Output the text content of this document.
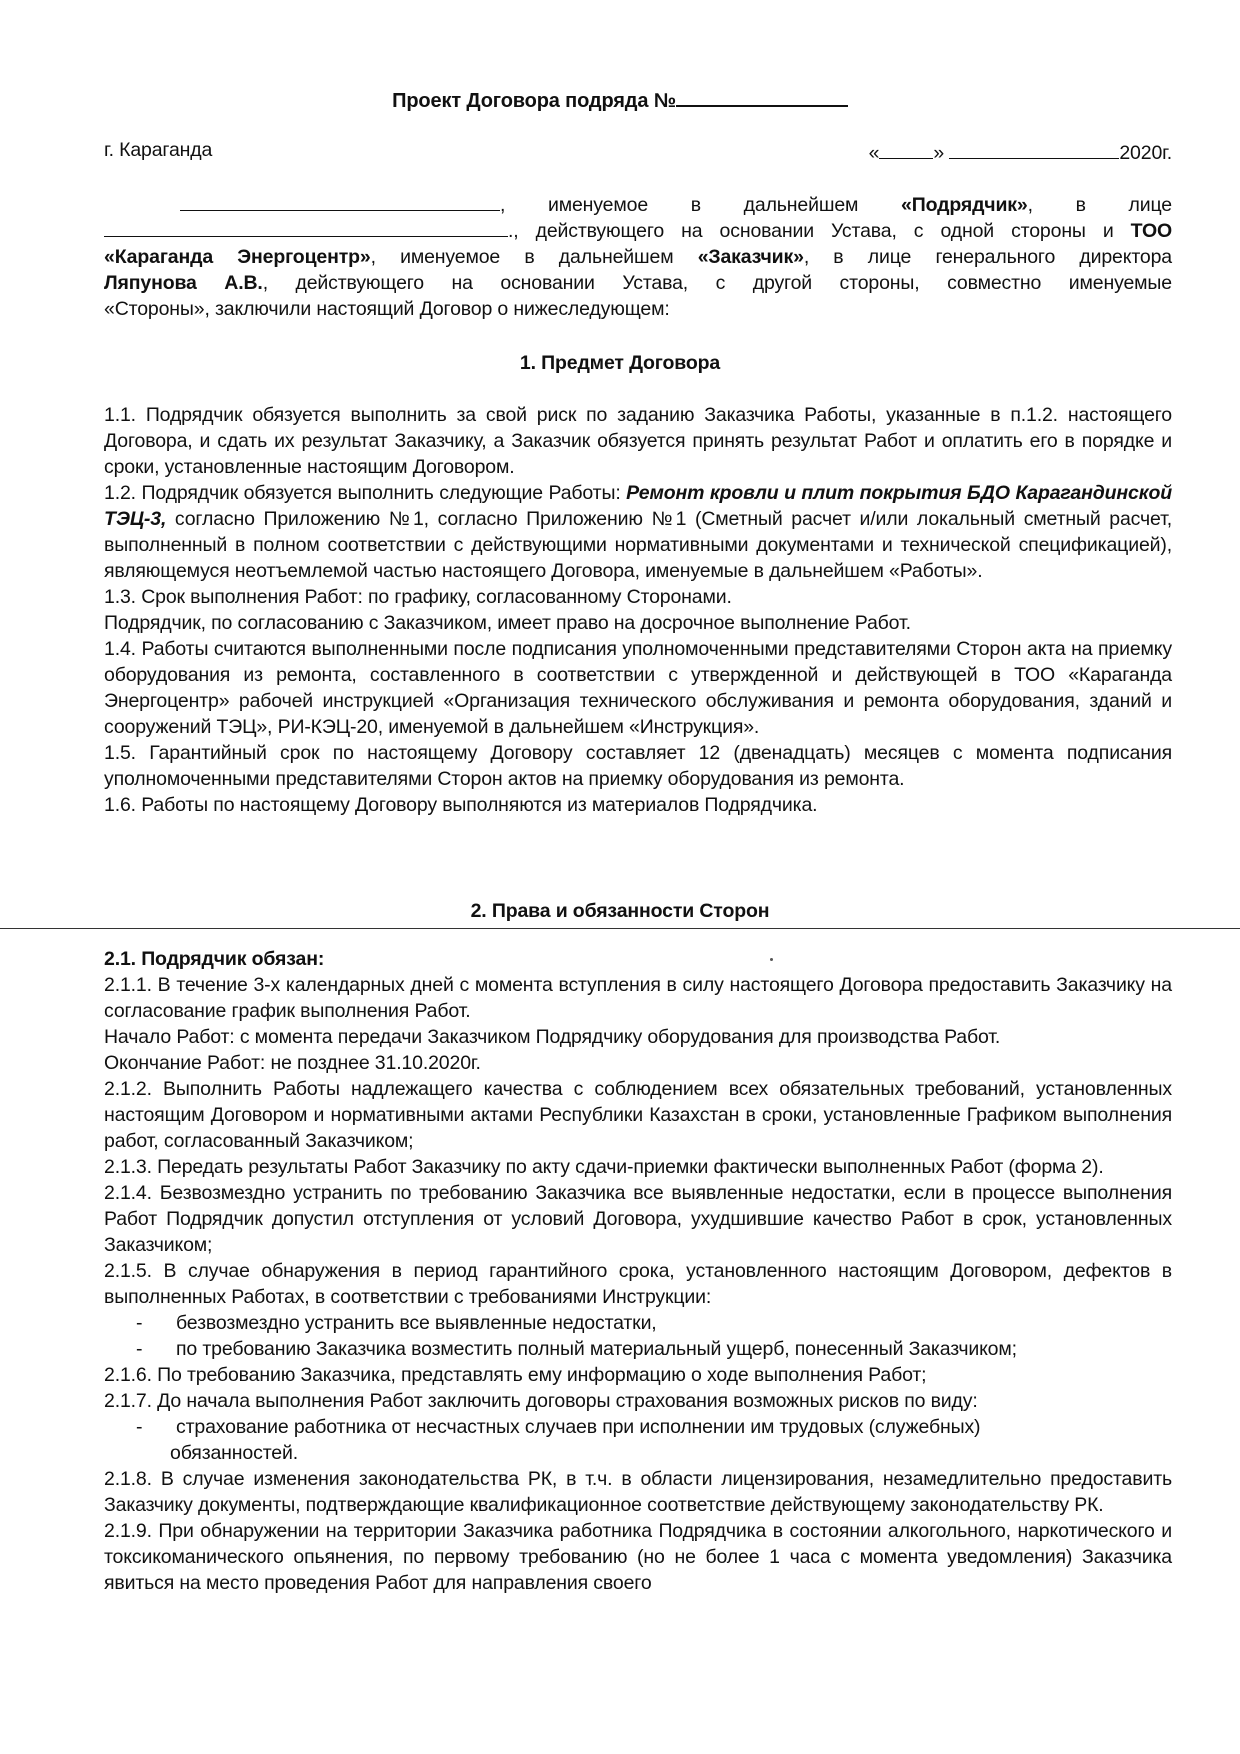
Проект Договора подряда №
г. Караганда	«	»	2020г.
, именуемое в дальнейшем «Подрядчик», в лице
., действующего на основании Устава, с одной стороны и ТОО
«Караганда Энергоцентр», именуемое в дальнейшем «Заказчик», в лице генерального директора
Ляпунова А.В., действующего на основании Устава, с другой стороны, совместно именуемые
«Стороны», заключили настоящий Договор о нижеследующем:
1. Предмет Договора
1.1. Подрядчик обязуется выполнить за свой риск по заданию Заказчика Работы, указанные в п.1.2. настоящего Договора, и сдать их результат Заказчику, а Заказчик обязуется принять результат Работ и оплатить его в порядке и сроки, установленные настоящим Договором.
1.2. Подрядчик обязуется выполнить следующие Работы: Ремонт кровли и плит покрытия БДО Карагандинской ТЭЦ-3, согласно Приложению №1, согласно Приложению №1 (Сметный расчет и/или локальный сметный расчет, выполненный в полном соответствии с действующими нормативными документами и технической спецификацией), являющемуся неотъемлемой частью настоящего Договора, именуемые в дальнейшем «Работы».
1.3. Срок выполнения Работ: по графику, согласованному Сторонами.
Подрядчик, по согласованию с Заказчиком, имеет право на досрочное выполнение Работ.
1.4. Работы считаются выполненными после подписания уполномоченными представителями Сторон акта на приемку оборудования из ремонта, составленного в соответствии с утвержденной и действующей в ТОО «Караганда Энергоцентр» рабочей инструкцией «Организация технического обслуживания и ремонта оборудования, зданий и сооружений ТЭЦ», РИ-КЭЦ-20, именуемой в дальнейшем «Инструкция».
1.5. Гарантийный срок по настоящему Договору составляет 12 (двенадцать) месяцев с момента подписания уполномоченными представителями Сторон актов на приемку оборудования из ремонта.
1.6. Работы по настоящему Договору выполняются из материалов Подрядчика.
2. Права и обязанности Сторон
2.1. Подрядчик обязан:
2.1.1. В течение 3-х календарных дней с момента вступления в силу настоящего Договора предоставить Заказчику на согласование график выполнения Работ.
Начало Работ: с момента передачи Заказчиком Подрядчику оборудования для производства Работ.
Окончание Работ: не позднее 31.10.2020г.
2.1.2. Выполнить Работы надлежащего качества с соблюдением всех обязательных требований, установленных настоящим Договором и нормативными актами Республики Казахстан в сроки, установленные Графиком выполнения работ, согласованный Заказчиком;
2.1.3. Передать результаты Работ Заказчику по акту сдачи-приемки фактически выполненных Работ (форма 2).
2.1.4. Безвозмездно устранить по требованию Заказчика все выявленные недостатки, если в процессе выполнения Работ Подрядчик допустил отступления от условий Договора, ухудшившие качество Работ в срок, установленных Заказчиком;
2.1.5. В случае обнаружения в период гарантийного срока, установленного настоящим Договором, дефектов в выполненных Работах, в соответствии с требованиями Инструкции:
- безвозмездно устранить все выявленные недостатки,
- по требованию Заказчика возместить полный материальный ущерб, понесенный Заказчиком;
2.1.6. По требованию Заказчика, представлять ему информацию о ходе выполнения Работ;
2.1.7. До начала выполнения Работ заключить договоры страхования возможных рисков по виду:
- страхование работника от несчастных случаев при исполнении им трудовых (служебных)
обязанностей.
2.1.8. В случае изменения законодательства РК, в т.ч. в области лицензирования, незамедлительно предоставить Заказчику документы, подтверждающие квалификационное соответствие действующему законодательству РК.
2.1.9. При обнаружении на территории Заказчика работника Подрядчика в состоянии алкогольного, наркотического и токсикоманического опьянения, по первому требованию (но не более 1 часа с момента уведомления) Заказчика явиться на место проведения Работ для направления своего
